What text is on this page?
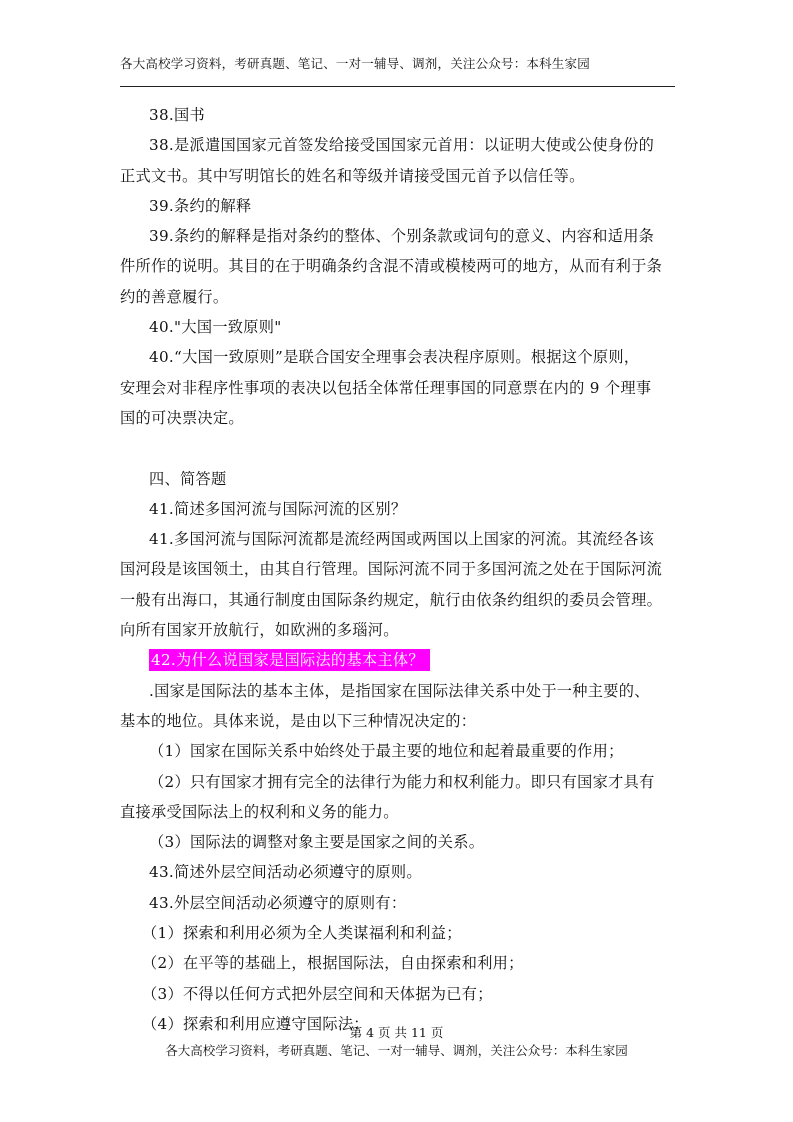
各大高校学习资料，考研真题、笔记、一对一辅导、调剂，关注公众号：本科生家园

38.国书

38.是派遣国国家元首签发给接受国国家元首用：以证明大使或公使身份的

正式文书。其中写明馆长的姓名和等级并请接受国元首予以信任等。

39.条约的解释

39.条约的解释是指对条约的整体、个别条款或词句的意义、内容和适用条

件所作的说明。其目的在于明确条约含混不清或模棱两可的地方，从而有利于条

约的善意履行。

40."大国一致原则"

40.“大国一致原则”是联合国安全理事会表决程序原则。根据这个原则，

安理会对非程序性事项的表决以包括全体常任理事国的同意票在内的 9 个理事

国的可决票决定。

四、简答题

41.简述多国河流与国际河流的区别？

41.多国河流与国际河流都是流经两国或两国以上国家的河流。其流经各该

国河段是该国领土，由其自行管理。国际河流不同于多国河流之处在于国际河流

一般有出海口，其通行制度由国际条约规定，航行由依条约组织的委员会管理。

向所有国家开放航行，如欧洲的多瑙河。

42.为什么说国家是国际法的基本主体？

.国家是国际法的基本主体，是指国家在国际法律关系中处于一种主要的、

基本的地位。具体来说，是由以下三种情况决定的：

（1）国家在国际关系中始终处于最主要的地位和起着最重要的作用；

（2）只有国家才拥有完全的法律行为能力和权利能力。即只有国家才具有

直接承受国际法上的权利和义务的能力。

（3）国际法的调整对象主要是国家之间的关系。

43.简述外层空间活动必须遵守的原则。

43.外层空间活动必须遵守的原则有：

（1）探索和利用必须为全人类谋福利和利益；

（2）在平等的基础上，根据国际法，自由探索和利用；

（3）不得以任何方式把外层空间和天体据为已有；

（4）探索和利用应遵守国际法；

第 4 页 共 11 页
各大高校学习资料，考研真题、笔记、一对一辅导、调剂，关注公众号：本科生家园
